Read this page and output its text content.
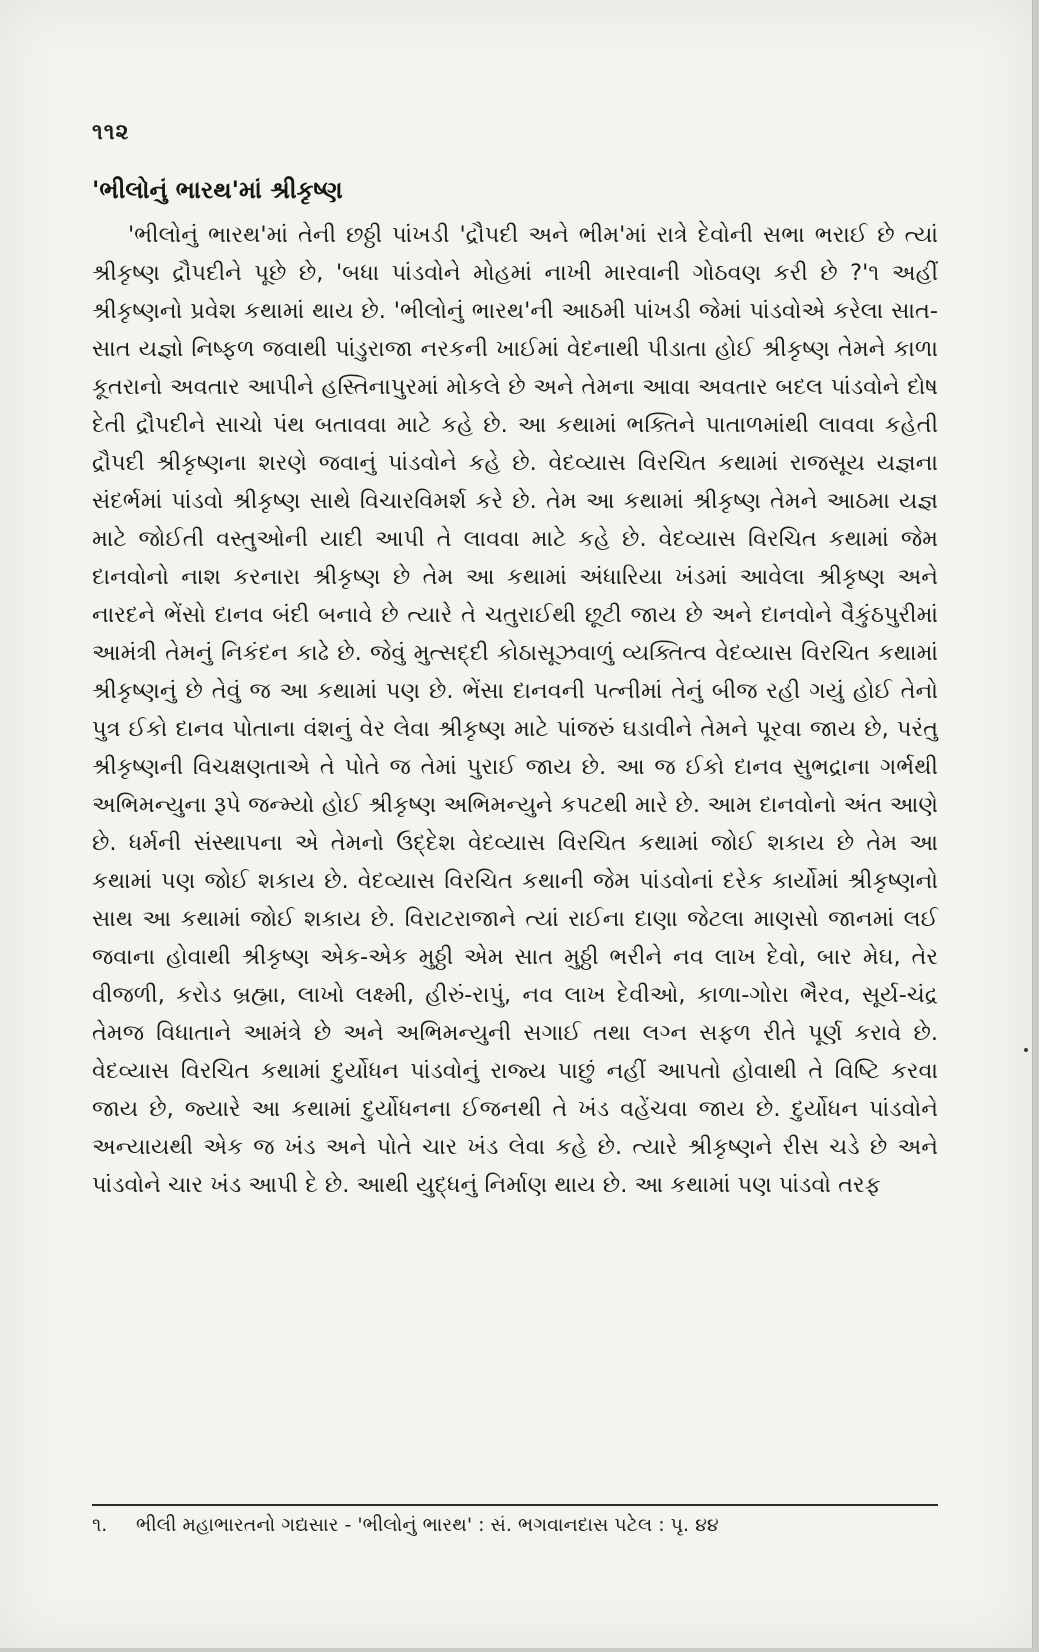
૧૧૨
'ભીલોનું ભારથ'માં શ્રીકૃષ્ણ

'ભીલોનું ભારથ'માં તેની છઠ્ઠી પાંખડી 'દ્રૌપદી અને ભીમ'માં રાત્રે દેવોની સભા ભરાઈ છે ત્યાં શ્રીકૃષ્ણ દ્રૌપદીને પૂછે છે, 'બધા પાંડવોને મોહમાં નાખી મારવાની ગોઠવણ કરી છે ?'૧ અહીં શ્રીકૃષ્ણનો પ્રવેશ કથામાં થાય છે. 'ભીલોનું ભારથ'ની આઠમી પાંખડી જેમાં પાંડવોએ કરેલા સાત-સાત યજ્ઞો નિષ્ફળ જવાથી પાંડુરાજા નરકની ખાઈમાં વેદનાથી પીડાતા હોઈ શ્રીકૃષ્ણ તેમને કાળા કૂતરાનો અવતાર આપીને હસ્તિનાપુરમાં મોકલે છે અને તેમના આવા અવતાર બદલ પાંડવોને દોષ દેતી દ્રૌપદીને સાચો પંથ બતાવવા માટે કહે છે. આ કથામાં ભક્તિને પાતાળમાંથી લાવવા કહેતી દ્રૌપદી શ્રીકૃષ્ણના શરણે જવાનું પાંડવોને કહે છે. વેદવ્યાસ વિરચિત કથામાં રાજસૂય યજ્ઞના સંદર્ભમાં પાંડવો શ્રીકૃષ્ણ સાથે વિચારવિમર્શ કરે છે. તેમ આ કથામાં શ્રીકૃષ્ણ તેમને આઠમા યજ્ઞ માટે જોઈતી વસ્તુઓની યાદી આપી તે લાવવા માટે કહે છે. વેદવ્યાસ વિરચિત કથામાં જેમ દાનવોનો નાશ કરનારા શ્રીકૃષ્ણ છે તેમ આ કથામાં અંધારિયા ખંડમાં આવેલા શ્રીકૃષ્ણ અને નારદને ભેંસો દાનવ બંદી બનાવે છે ત્યારે તે ચતુરાઈથી છૂટી જાય છે અને દાનવોને વૈકુંઠપુરીમાં આમંત્રી તેમનું નિકંદન કાઢે છે. જેવું મુત્સદ્દી કોઠાસૂઝવાળું વ્યક્તિત્વ વેદવ્યાસ વિરચિત કથામાં શ્રીકૃષ્ણનું છે તેવું જ આ કથામાં પણ છે. ભેંસા દાનવની પત્નીમાં તેનું બીજ રહી ગયું હોઈ તેનો પુત્ર ઈકો દાનવ પોતાના વંશનું વેર લેવા શ્રીકૃષ્ણ માટે પાંજરું ઘડાવીને તેમને પૂરવા જાય છે, પરંતુ શ્રીકૃષ્ણની વિચક્ષણતાએ તે પોતે જ તેમાં પુરાઈ જાય છે. આ જ ઈકો દાનવ સુભદ્રાના ગર્ભથી અભિમન્યુના રૂપે જન્મ્યો હોઈ શ્રીકૃષ્ણ અભિમન્યુને કપટથી મારે છે. આમ દાનવોનો અંત આણે છે. ધર્મની સંસ્થાપના એ તેમનો ઉદ્દેશ વેદવ્યાસ વિરચિત કથામાં જોઈ શકાય છે તેમ આ કથામાં પણ જોઈ શકાય છે. વેદવ્યાસ વિરચિત કથાની જેમ પાંડવોનાં દરેક કાર્યોમાં શ્રીકૃષ્ણનો સાથ આ કથામાં જોઈ શકાય છે. વિરાટરાજાને ત્યાં રાઈના દાણા જેટલા માણસો જાનમાં લઈ જવાના હોવાથી શ્રીકૃષ્ણ એક-એક મુઠ્ઠી એમ સાત મુઠ્ઠી ભરીને નવ લાખ દેવો, બાર મેઘ, તેર વીજળી, કરોડ બ્રહ્મા, લાખો લક્ષ્મી, હીરું-રાપું, નવ લાખ દેવીઓ, કાળા-ગોરા ભૈરવ, સૂર્ય-ચંદ્ર તેમજ વિધાતાને આમંત્રે છે અને અભિમન્યુની સગાઈ તથા લગ્ન સફળ રીતે પૂર્ણ કરાવે છે. વેદવ્યાસ વિરચિત કથામાં દુર્યોધન પાંડવોનું રાજ્ય પાછું નહીં આપતો હોવાથી તે વિષ્ટિ કરવા જાય છે, જ્યારે આ કથામાં દુર્યોધનના ઈજનથી તે ખંડ વહેંચવા જાય છે. દુર્યોધન પાંડવોને અન્યાયથી એક જ ખંડ અને પોતે ચાર ખંડ લેવા કહે છે. ત્યારે શ્રીકૃષ્ણને રીસ ચડે છે અને પાંડવોને ચાર ખંડ આપી દે છે. આથી યુદ્ધનું નિર્માણ થાય છે. આ કથામાં પણ પાંડવો તરફ

૧. ભીલી મહાભારતનો ગદ્યસાર - 'ભીલોનું ભારથ' : સં. ભગવાનદાસ પટેલ : પૃ. ૪૪
